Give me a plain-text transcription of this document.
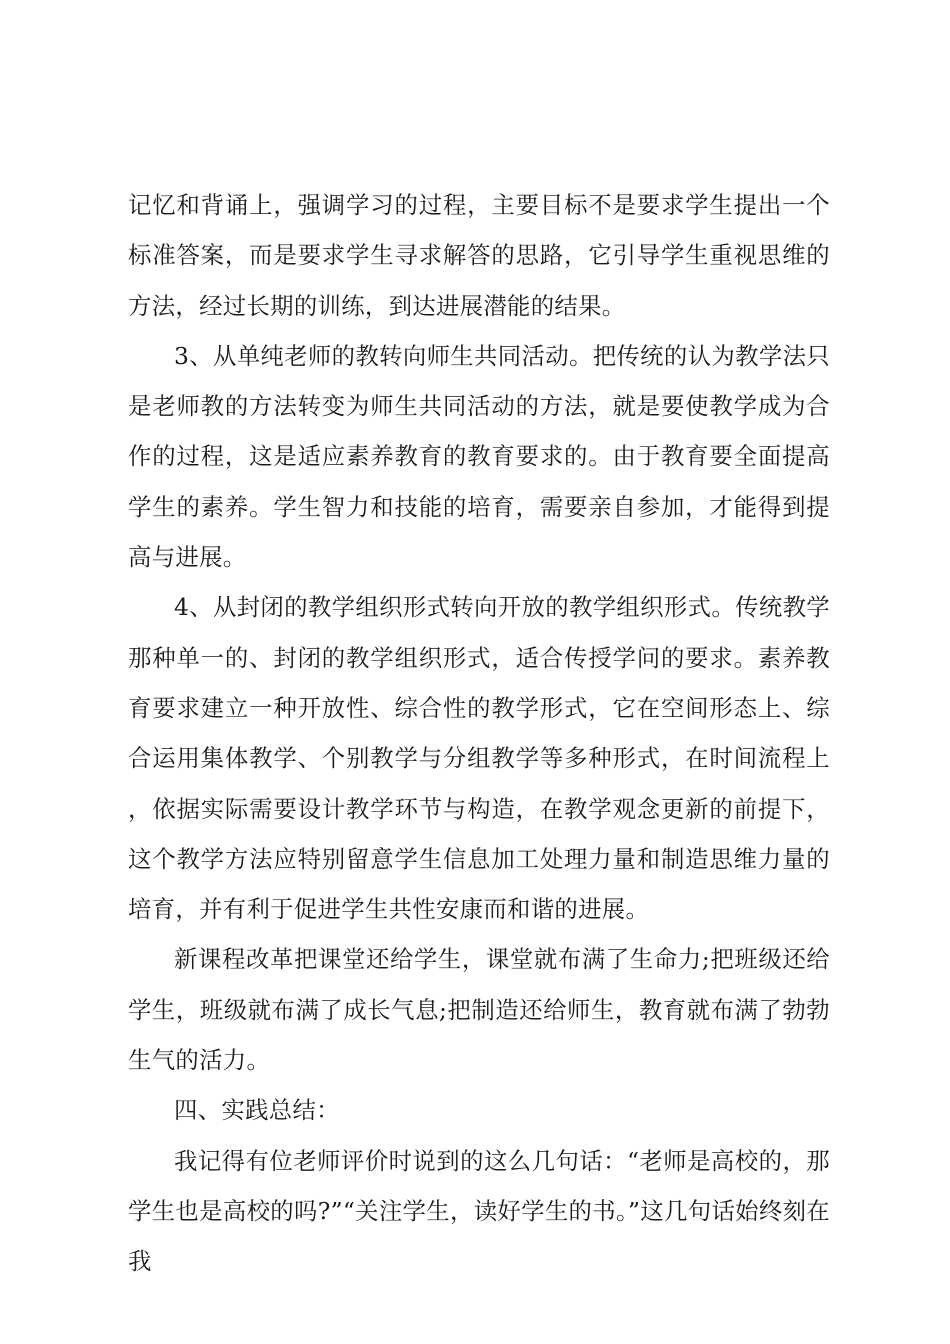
记忆和背诵上，强调学习的过程，主要目标不是要求学生提出一个标准答案，而是要求学生寻求解答的思路，它引导学生重视思维的方法，经过长期的训练，到达进展潜能的结果。

3、从单纯老师的教转向师生共同活动。把传统的认为教学法只是老师教的方法转变为师生共同活动的方法，就是要使教学成为合作的过程，这是适应素养教育的教育要求的。由于教育要全面提高学生的素养。学生智力和技能的培育，需要亲自参加，才能得到提高与进展。

4、从封闭的教学组织形式转向开放的教学组织形式。传统教学那种单一的、封闭的教学组织形式，适合传授学问的要求。素养教育要求建立一种开放性、综合性的教学形式，它在空间形态上、综合运用集体教学、个别教学与分组教学等多种形式，在时间流程上，依据实际需要设计教学环节与构造，在教学观念更新的前提下，这个教学方法应特别留意学生信息加工处理力量和制造思维力量的培育，并有利于促进学生共性安康而和谐的进展。

新课程改革把课堂还给学生，课堂就布满了生命力;把班级还给学生，班级就布满了成长气息;把制造还给师生，教育就布满了勃勃生气的活力。

四、实践总结：

我记得有位老师评价时说到的这么几句话：“老师是高校的，那学生也是高校的吗?”“关注学生，读好学生的书。”这几句话始终刻在我
